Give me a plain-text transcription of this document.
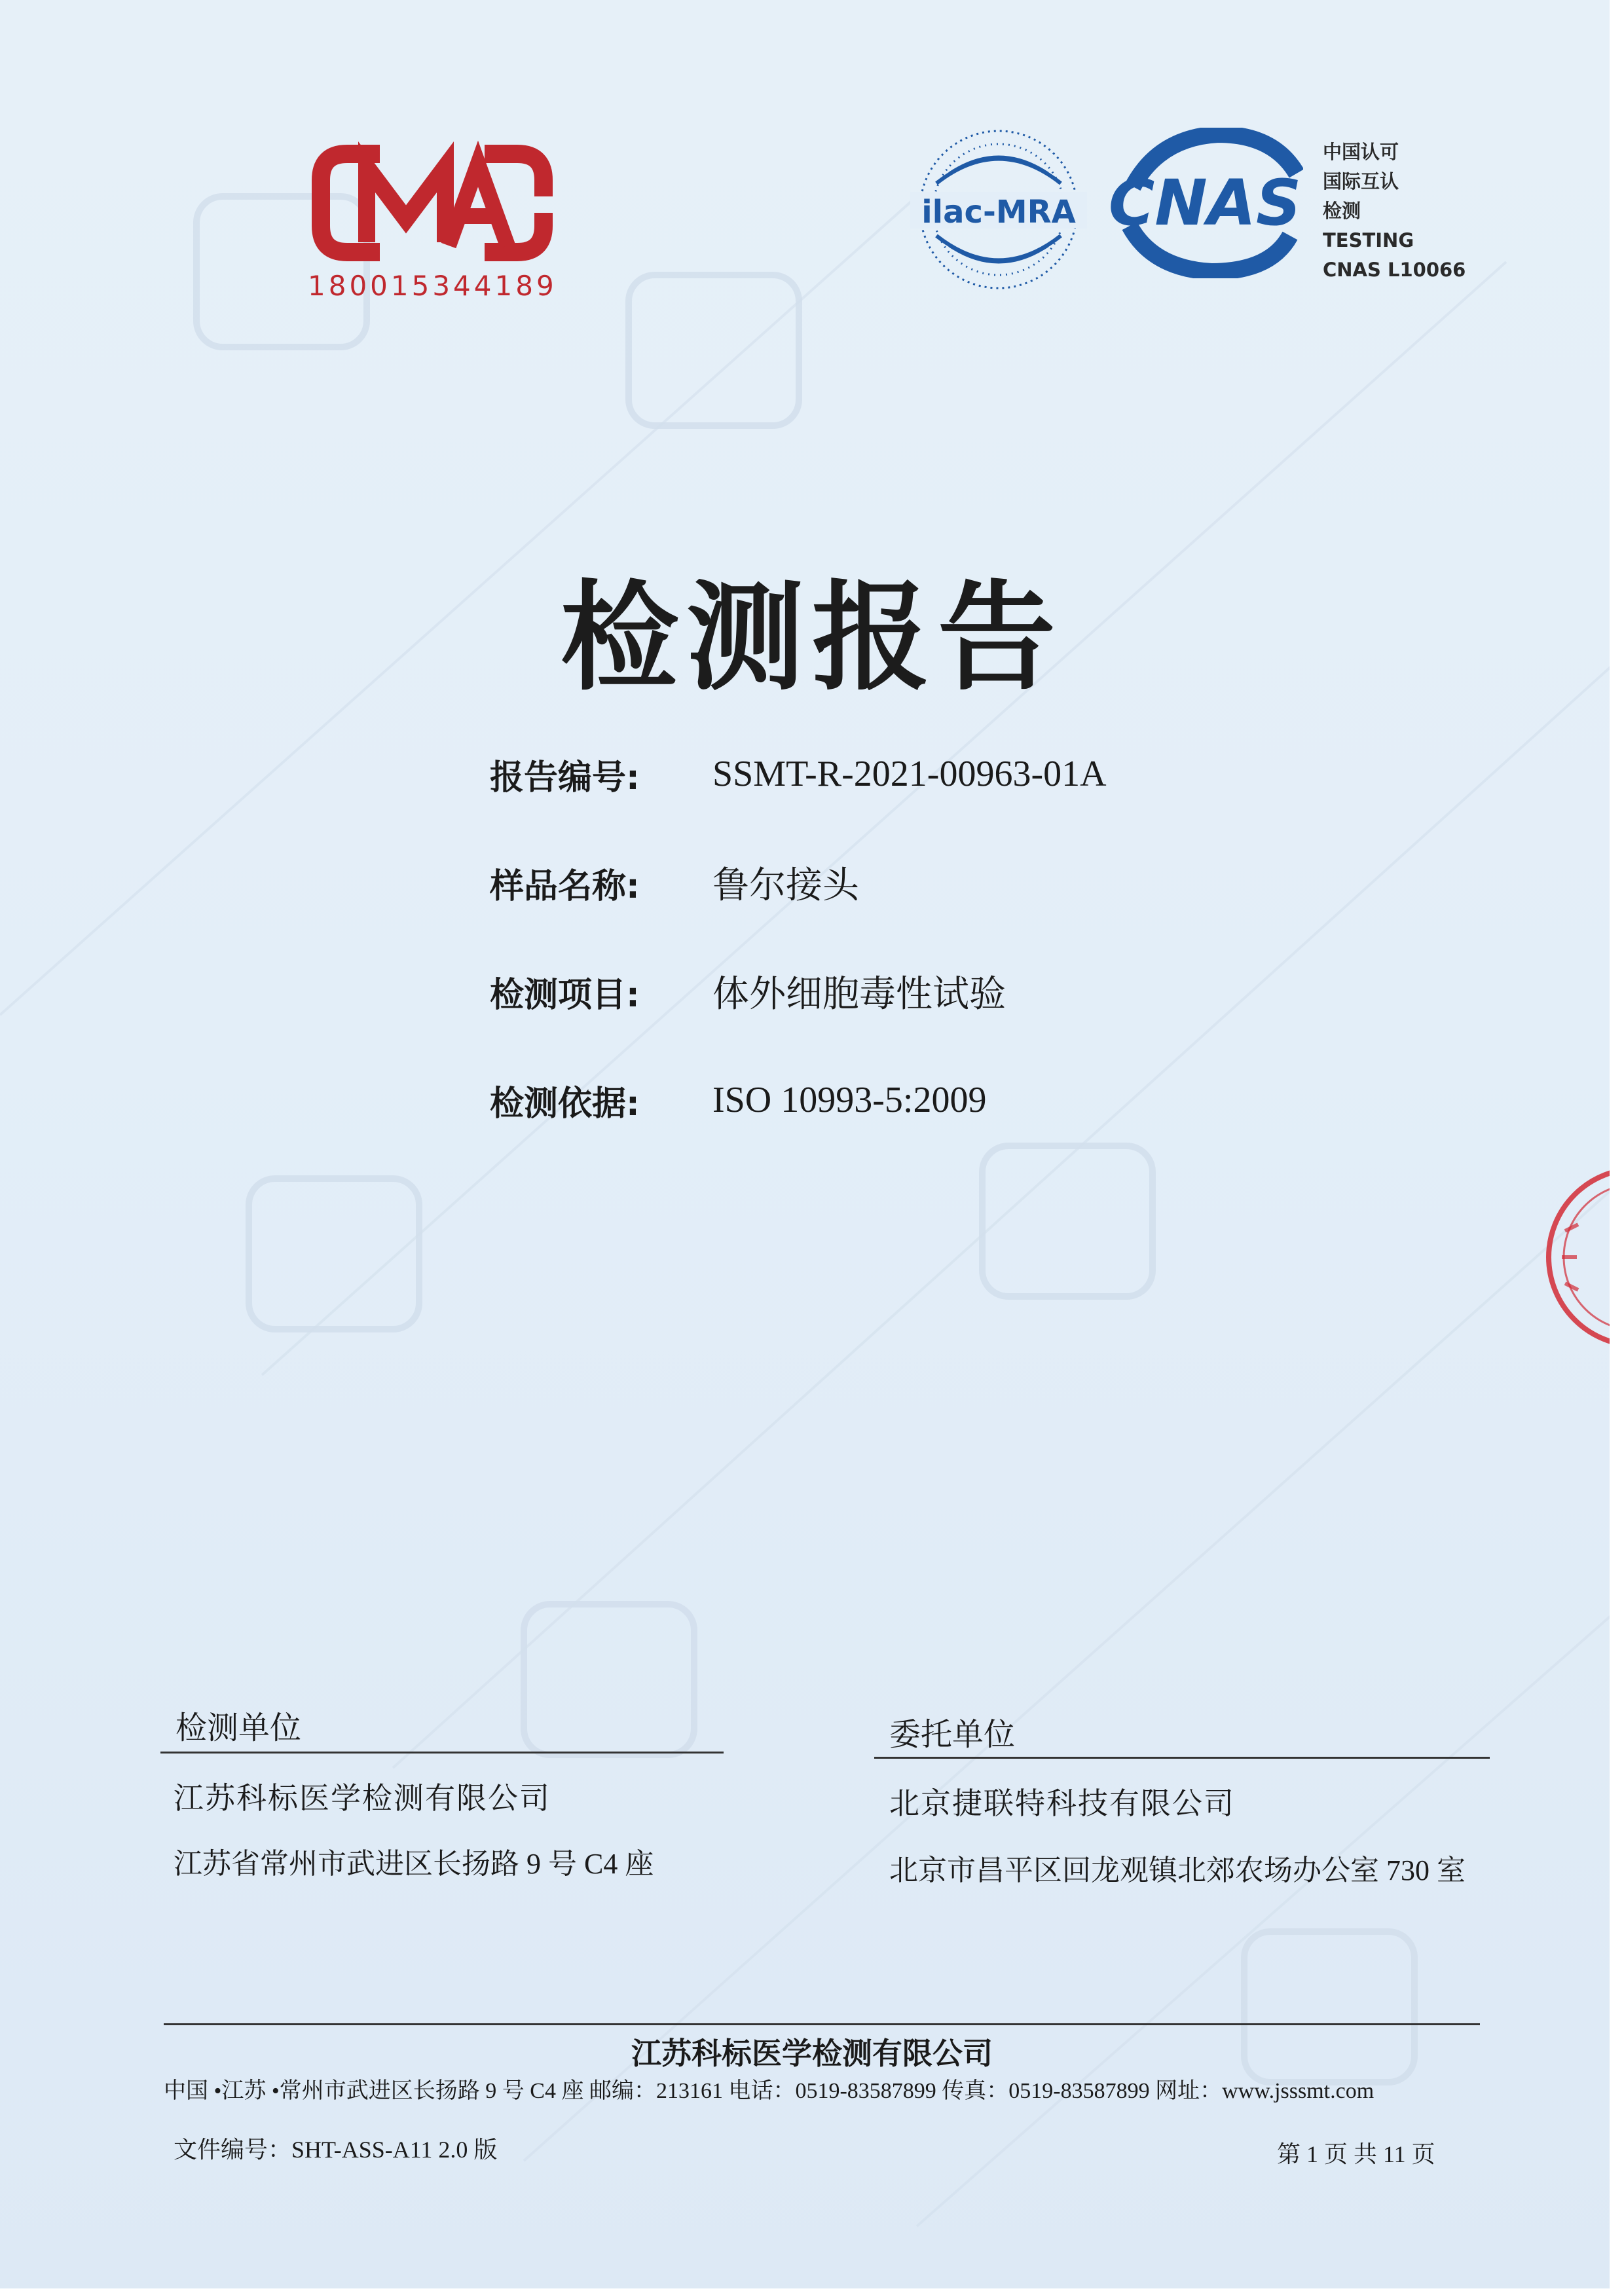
180015344189
ilac-MRA CNAS
中国认可
国际互认
检测
TESTING
CNAS L10066
检测报告
报告编号:	SSMT-R-2021-00963-01A
样品名称:	鲁尔接头
检测项目:	体外细胞毒性试验
检测依据:	ISO 10993-5:2009
检测单位
江苏科标医学检测有限公司
江苏省常州市武进区长扬路 9 号 C4 座
委托单位
北京捷联特科技有限公司
北京市昌平区回龙观镇北郊农场办公室 730 室
江苏科标医学检测有限公司
中国 •江苏 •常州市武进区长扬路 9 号 C4 座 邮编：213161 电话：0519-83587899 传真：0519-83587899 网址：www.jsssmt.com
文件编号：SHT-ASS-A11 2.0 版	第 1 页 共 11 页
